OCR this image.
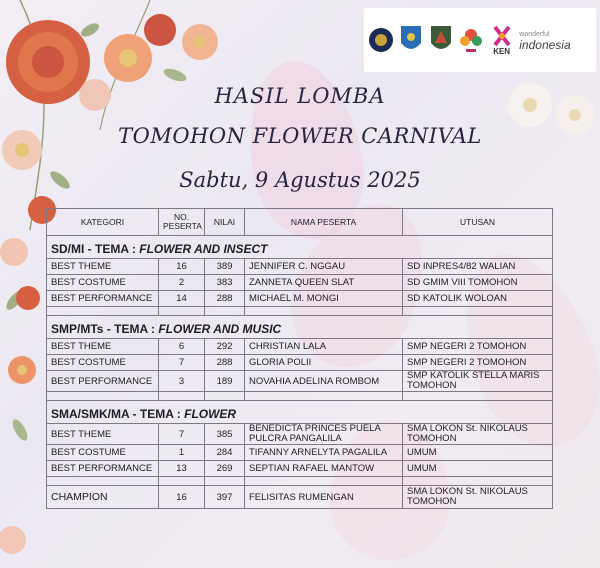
KEN
wonderful
indonesia
HASIL LOMBA
TOMOHON FLOWER CARNIVAL
Sabtu, 9 Agustus 2025
KATEGORI	NO. PESERTA	NILAI	NAMA PESERTA	UTUSAN
SD/MI - TEMA : FLOWER AND INSECT				
BEST THEME	16	389	JENNIFER C. NGGAU	SD INPRES4/82 WALIAN
BEST COSTUME	2	383	ZANNETA QUEEN SLAT	SD GMIM VIII TOMOHON
BEST PERFORMANCE	14	288	MICHAEL M. MONGI	SD KATOLIK WOLOAN

SMP/MTs - TEMA : FLOWER AND MUSIC				
BEST THEME	6	292	CHRISTIAN LALA	SMP NEGERI 2 TOMOHON
BEST COSTUME	7	288	GLORIA POLII	SMP NEGERI 2 TOMOHON
BEST PERFORMANCE	3	189	NOVAHIA ADELINA ROMBOM	SMP KATOLIK STELLA MARIS TOMOHON

SMA/SMK/MA - TEMA : FLOWER				
BEST THEME	7	385	BENEDICTA PRINCES PUELA PULCRA PANGALILA	SMA LOKON St. NIKOLAUS TOMOHON
BEST COSTUME	1	284	TIFANNY ARNELYTA PAGALILA	UMUM
BEST PERFORMANCE	13	269	SEPTIAN RAFAEL MANTOW	UMUM

CHAMPION	16	397	FELISITAS RUMENGAN	SMA LOKON St. NIKOLAUS TOMOHON
